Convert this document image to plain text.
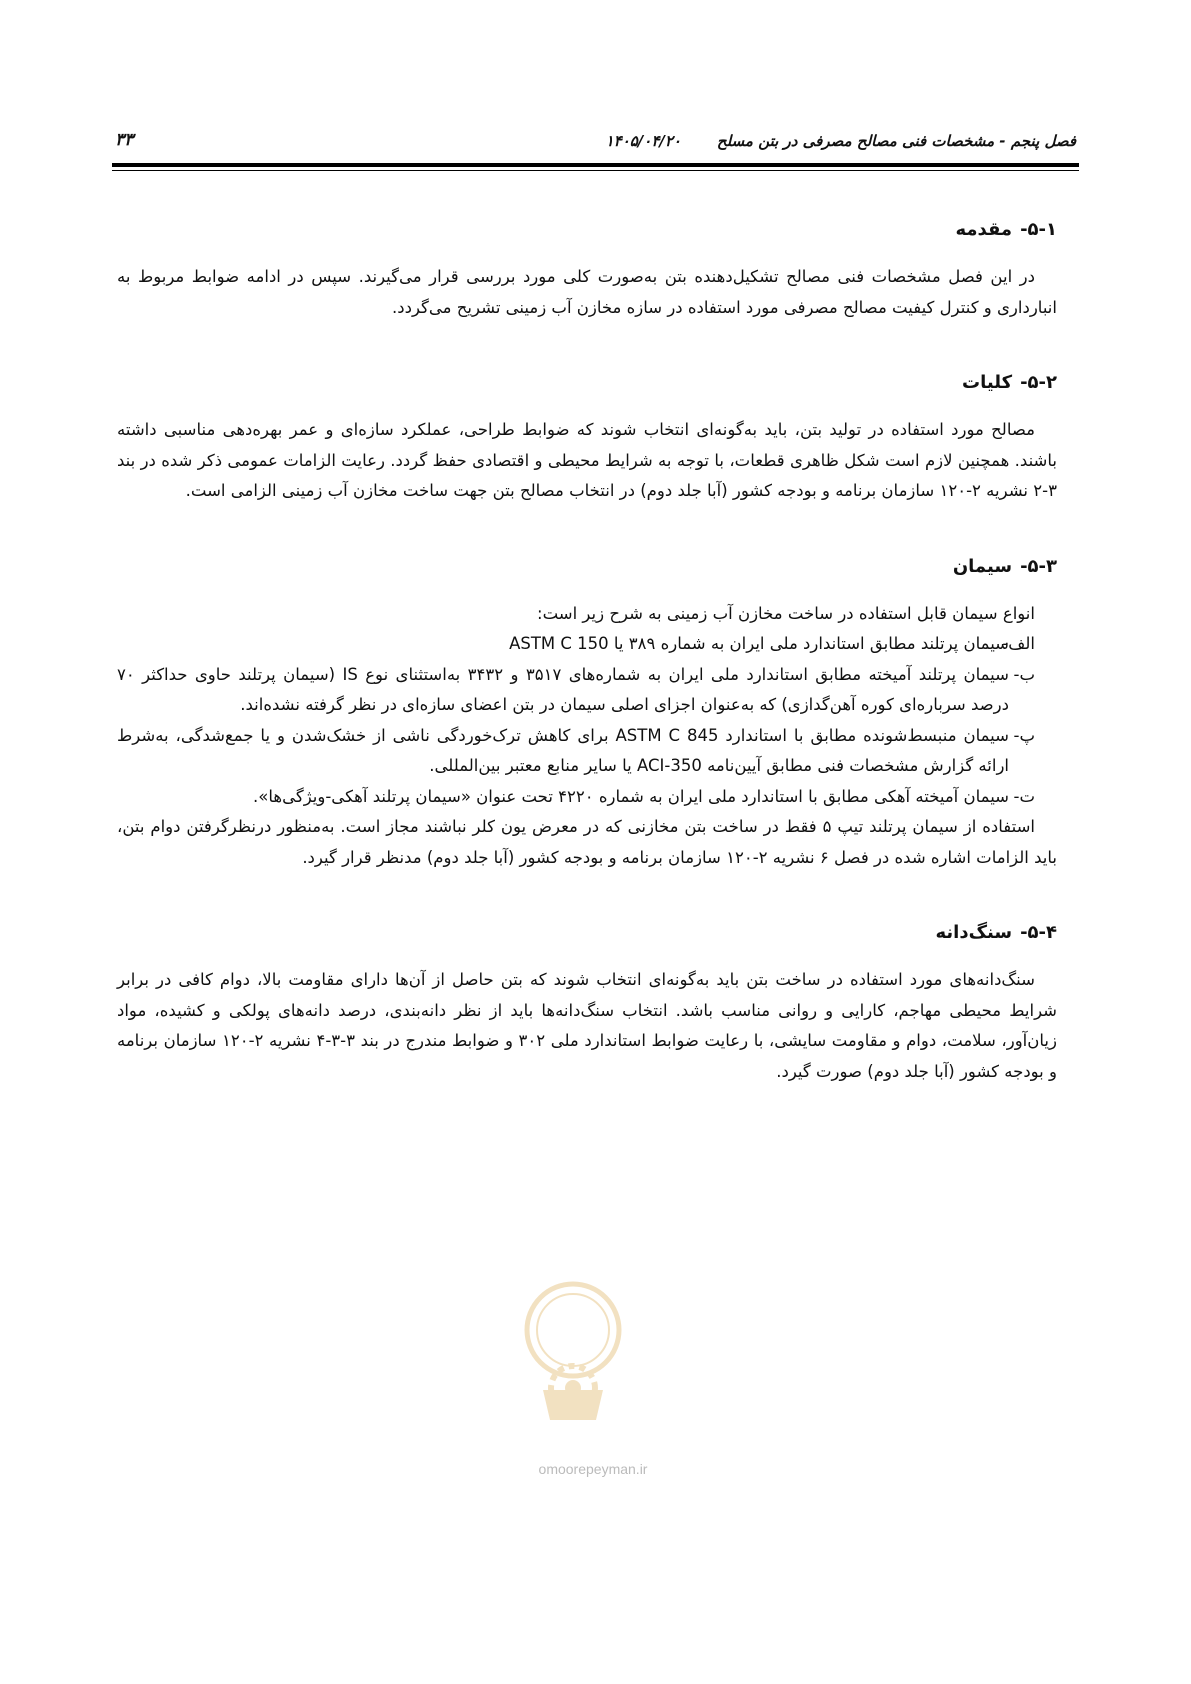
فصل پنجم - مشخصات فنی مصالح مصرفی در بتن مسلح
۱۴۰۵/۰۴/۲۰
۳۳
۵-۱-مقدمه

در این فصل مشخصات فنی مصالح تشکیل‌دهنده بتن به‌صورت کلی مورد بررسی قرار می‌گیرند. سپس در ادامه ضوابط مربوط به انبارداری و کنترل کیفیت مصالح مصرفی مورد استفاده در سازه مخازن آب زمینی تشریح می‌گردد.

۵-۲-کلیات

مصالح مورد استفاده در تولید بتن، باید به‌گونه‌ای انتخاب شوند که ضوابط طراحی، عملکرد سازه‌ای و عمر بهره‌دهی مناسبی داشته باشند. همچنین لازم است شکل ظاهری قطعات، با توجه به شرایط محیطی و اقتصادی حفظ گردد. رعایت الزامات عمومی ذکر شده در بند ۳-۲ نشریه ۲-۱۲۰ سازمان برنامه و بودجه کشور (آبا جلد دوم) در انتخاب مصالح بتن جهت ساخت مخازن آب زمینی الزامی است.

۵-۳-سیمان

انواع سیمان قابل استفاده در ساخت مخازن آب زمینی به شرح زیر است:

الف-
سیمان پرتلند مطابق استاندارد ملی ایران به شماره ۳۸۹ یا ASTM C 150
ب-
سیمان پرتلند آمیخته مطابق استاندارد ملی ایران به شماره‌های ۳۵۱۷ و ۳۴۳۲ به‌استثنای نوع IS (سیمان پرتلند حاوی حداکثر ۷۰ درصد سرباره‌ای کوره آهن‌گدازی) که به‌عنوان اجزای اصلی سیمان در بتن اعضای سازه‌ای در نظر گرفته نشده‌اند.
پ-
سیمان منبسط‌شونده مطابق با استاندارد ASTM C 845 برای کاهش ترک‌خوردگی ناشی از خشک‌شدن و یا جمع‌شدگی، به‌شرط ارائه گزارش مشخصات فنی مطابق آیین‌نامه ACI-350 یا سایر منابع معتبر بین‌المللی.
ت-
سیمان آمیخته آهکی مطابق با استاندارد ملی ایران به شماره ۴۲۲۰ تحت عنوان «سیمان پرتلند آهکی-ویژگی‌ها».

استفاده از سیمان پرتلند تیپ ۵ فقط در ساخت بتن مخازنی که در معرض یون کلر نباشند مجاز است. به‌منظور درنظرگرفتن دوام بتن، باید الزامات اشاره شده در فصل ۶ نشریه ۲-۱۲۰ سازمان برنامه و بودجه کشور (آبا جلد دوم) مدنظر قرار گیرد.

۵-۴-سنگ‌دانه

سنگ‌دانه‌های مورد استفاده در ساخت بتن باید به‌گونه‌ای انتخاب شوند که بتن حاصل از آن‌ها دارای مقاومت بالا، دوام کافی در برابر شرایط محیطی مهاجم، کارایی و روانی مناسب باشد. انتخاب سنگ‌دانه‌ها باید از نظر دانه‌بندی، درصد دانه‌های پولکی و کشیده، مواد زیان‌آور، سلامت، دوام و مقاومت سایشی، با رعایت ضوابط استاندارد ملی ۳۰۲ و ضوابط مندرج در بند ۳-۳-۴ نشریه ۲-۱۲۰ سازمان برنامه و بودجه کشور (آبا جلد دوم) صورت گیرد.

omoorepeyman.ir
